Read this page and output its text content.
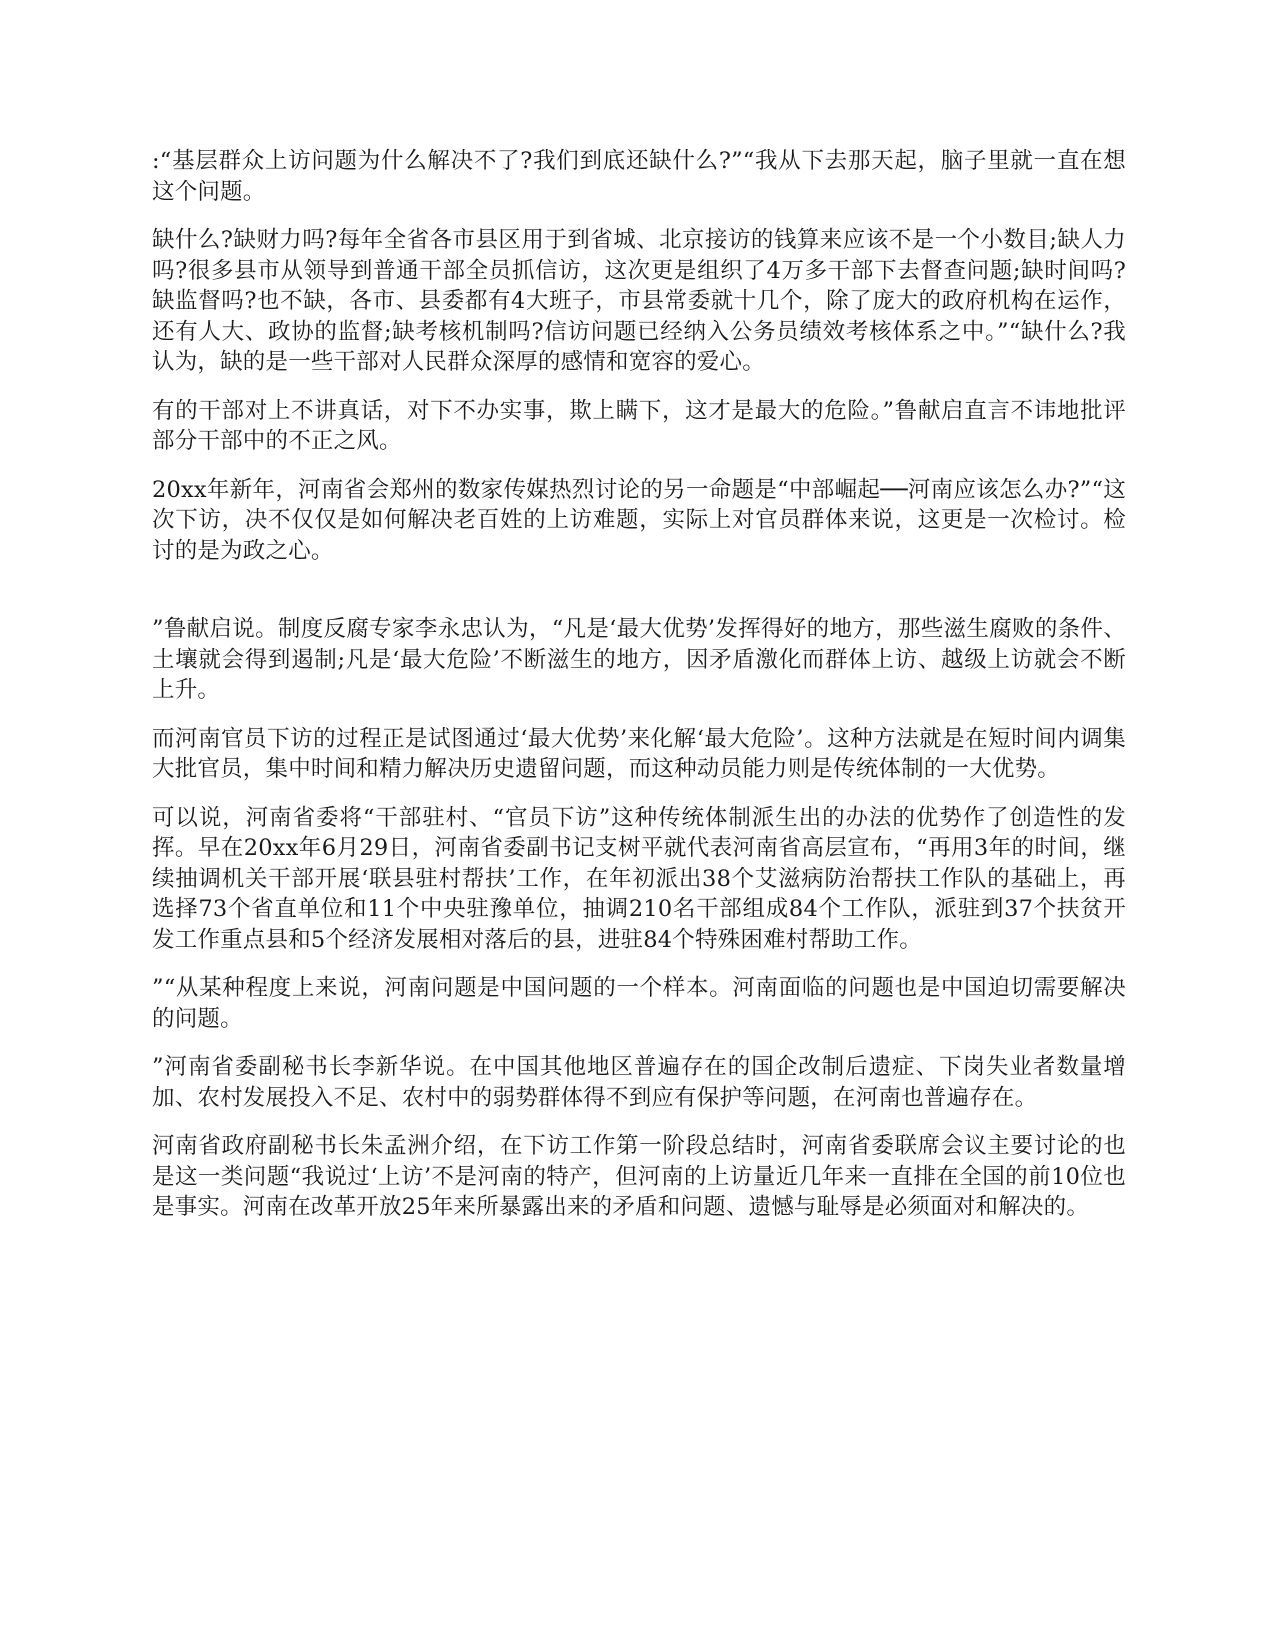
:“基层群众上访问题为什么解决不了?我们到底还缺什么?”“我从下去那天起，脑子里就一直在想这个问题。

缺什么?缺财力吗?每年全省各市县区用于到省城、北京接访的钱算来应该不是一个小数目;缺人力吗?很多县市从领导到普通干部全员抓信访，这次更是组织了4万多干部下去督查问题;缺时间吗?缺监督吗?也不缺，各市、县委都有4大班子，市县常委就十几个，除了庞大的政府机构在运作，还有人大、政协的监督;缺考核机制吗?信访问题已经纳入公务员绩效考核体系之中。”“缺什么?我认为，缺的是一些干部对人民群众深厚的感情和宽容的爱心。

有的干部对上不讲真话，对下不办实事，欺上瞒下，这才是最大的危险。”鲁献启直言不讳地批评部分干部中的不正之风。

20xx年新年，河南省会郑州的数家传媒热烈讨论的另一命题是“中部崛起──河南应该怎么办?”“这次下访，决不仅仅是如何解决老百姓的上访难题，实际上对官员群体来说，这更是一次检讨。检讨的是为政之心。

”鲁献启说。制度反腐专家李永忠认为，“凡是‘最大优势’发挥得好的地方，那些滋生腐败的条件、土壤就会得到遏制;凡是‘最大危险’不断滋生的地方，因矛盾激化而群体上访、越级上访就会不断上升。

而河南官员下访的过程正是试图通过‘最大优势’来化解‘最大危险’。这种方法就是在短时间内调集大批官员，集中时间和精力解决历史遗留问题，而这种动员能力则是传统体制的一大优势。

可以说，河南省委将“干部驻村、“官员下访”这种传统体制派生出的办法的优势作了创造性的发挥。早在20xx年6月29日，河南省委副书记支树平就代表河南省高层宣布，“再用3年的时间，继续抽调机关干部开展‘联县驻村帮扶’工作，在年初派出38个艾滋病防治帮扶工作队的基础上，再选择73个省直单位和11个中央驻豫单位，抽调210名干部组成84个工作队，派驻到37个扶贫开发工作重点县和5个经济发展相对落后的县，进驻84个特殊困难村帮助工作。

”“从某种程度上来说，河南问题是中国问题的一个样本。河南面临的问题也是中国迫切需要解决的问题。

”河南省委副秘书长李新华说。在中国其他地区普遍存在的国企改制后遗症、下岗失业者数量增加、农村发展投入不足、农村中的弱势群体得不到应有保护等问题，在河南也普遍存在。

河南省政府副秘书长朱孟洲介绍，在下访工作第一阶段总结时，河南省委联席会议主要讨论的也是这一类问题“我说过‘上访’不是河南的特产，但河南的上访量近几年来一直排在全国的前10位也是事实。河南在改革开放25年来所暴露出来的矛盾和问题、遗憾与耻辱是必须面对和解决的。
